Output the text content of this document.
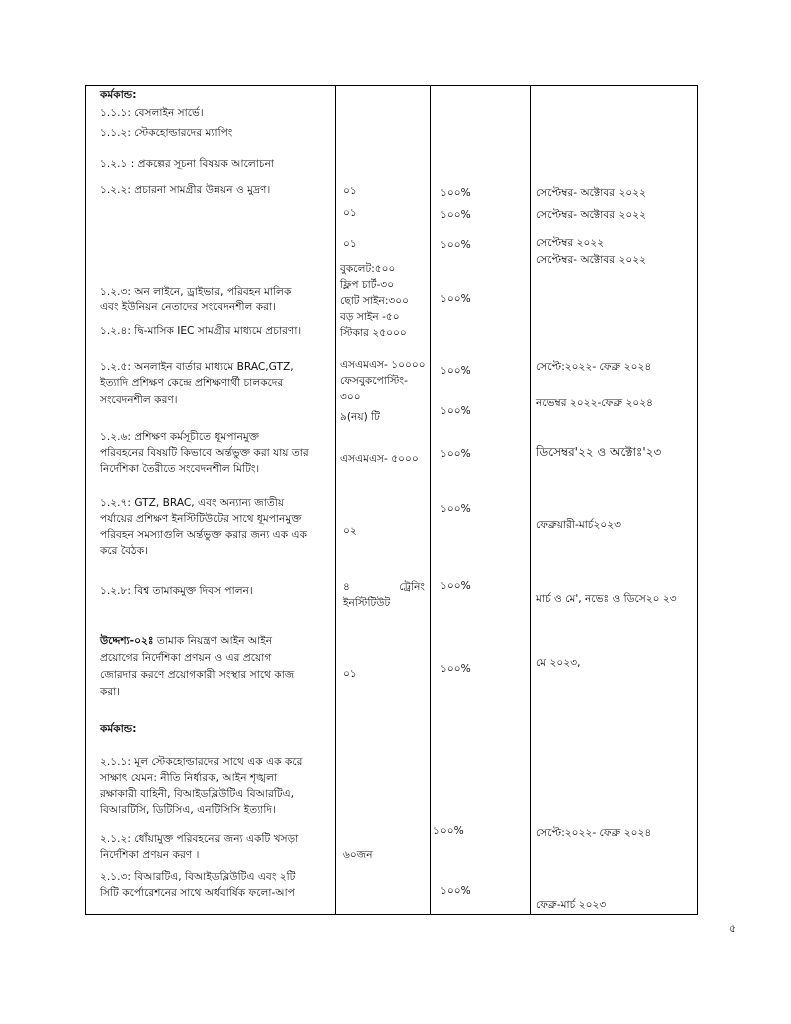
কর্মকান্ড:
১.১.১: বেসলাইন সার্ভে।
১.১.২: স্টেকহোল্ডারদের ম্যাপিং
১.২.১ : প্রকল্পের সূচনা বিষয়ক আলোচনা
১.২.২: প্রচারনা সামগ্রীর উন্নয়ন ও মুদ্রণ।
১.২.৩: অন লাইনে, ড্রাইভার, পরিবহন মালিক
এবং ইউনিয়ন নেতাদের সংবেদনশীল করা।
১.২.৪: দ্বি-মাসিক IEC সামগ্রীর মাধ্যমে প্রচারণা।
১.২.৫: অনলাইন বার্তার মাধ্যমে BRAC,GTZ,
ইত্যাদি প্রশিক্ষণ কেন্দ্রে প্রশিক্ষণার্থী চালকদের
সংবেদনশীল করণ।
১.২.৬: প্রশিক্ষণ কর্মসূচীতে ধূমপানমুক্ত
পরিবহনের বিষয়টি কিভাবে অর্ন্তভুক্ত করা যায় তার
নির্দেশিকা তৈরীতে সংবেদনশীল মিটিং।
১.২.৭: GTZ, BRAC, এবং অন্যান্য জাতীয়
পর্যায়ের প্রশিক্ষণ ইনস্টিটিউটের সাথে ধূমপানমুক্ত
পরিবহন সমস্যাগুলি অর্ন্তভুক্ত করার জন্য এক এক
করে বৈঠক।
১.২.৮: বিশ্ব তামাকমুক্ত দিবস পালন।
উদ্দেশ্য-০২ঃ তামাক নিয়ন্ত্রণ আইন আইন
প্রয়োগের নির্দেশিকা প্রণয়ন ও এর প্রয়োগ
জোরদার করণে প্রয়োগকারী সংস্থার সাথে কাজ
করা।
কর্মকান্ড:
২.১.১: মূল স্টেকহোল্ডারদের সাথে এক এক করে
সাক্ষাৎ যেমন: নীতি নির্ধারক, আইন শৃঙ্খলা
রক্ষাকারী বাহিনী, বিআইডব্লিউটিএ বিআরটিএ,
বিআরটিসি, ডিটিসিএ, এনটিসিসি ইত্যাদি।
২.১.২: ধোঁয়ামুক্ত পরিবহনের জন্য একটি খসড়া
নির্দেশিকা প্রণয়ন করণ ।
২.১.৩: বিআরটিএ, বিআইডব্লিউটিএ এবং ২টি
সিটি কর্পোরেশনের সাথে অর্ধবার্ষিক ফলো-আপ
০১
০১
০১
বুকলেট:৫০০
ফ্লিপ চার্ট-৩০
ছোট সাইন:৩০০
বড় সাইন -৫০
স্টিকার ২৫০০০
এসএমএস- ১০০০০
ফেসবুকপোস্টিং-
৩০০
৯(নয়) টি
এসএমএস- ৫০০০
০২
৪ ট্রেনিং
ইনস্টিটিউট
০১
৬০জন
১০০%
১০০%
১০০%
১০০%
১০০%
১০০%
১০০%
১০০%
১০০%
১০০%
১০০%
১০০%
সেপ্টেম্বর- অক্টোবর ২০২২
সেপ্টেম্বর- অক্টোবর ২০২২
সেপ্টেম্বর ২০২২
সেপ্টেম্বর- অক্টোবর ২০২২
সেপ্টে:২০২২- ফেব্রু ২০২৪
নভেম্বর ২০২২-ফেব্রু ২০২৪
ডিসেম্বর'২২ ও অক্টোঃ'২৩
ফেব্রুয়ারী-মার্চ২০২৩
মার্চ ও মে', নভেঃ ও ডিসে২০ ২৩
মে ২০২৩,
সেপ্টে:২০২২- ফেব্রু ২০২৪
ফেব্রু-মার্চ ২০২৩
৫
